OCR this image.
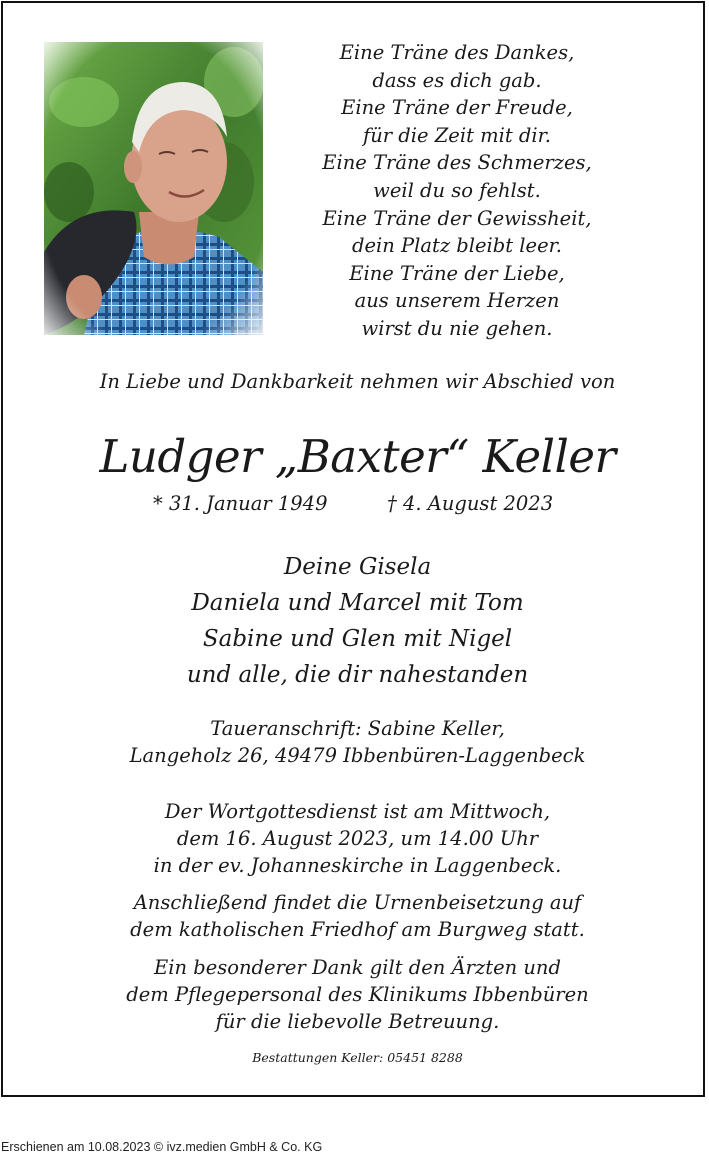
Eine Träne des Dankes,
dass es dich gab.
Eine Träne der Freude,
für die Zeit mit dir.
Eine Träne des Schmerzes,
weil du so fehlst.
Eine Träne der Gewissheit,
dein Platz bleibt leer.
Eine Träne der Liebe,
aus unserem Herzen
wirst du nie gehen.
In Liebe und Dankbarkeit nehmen wir Abschied von
Ludger „Baxter“ Keller
* 31. Januar 1949	† 4. August 2023
Deine Gisela
Daniela und Marcel mit Tom
Sabine und Glen mit Nigel
und alle, die dir nahestanden
Taueranschrift: Sabine Keller,
Langeholz 26, 49479 Ibbenbüren-Laggenbeck
Der Wortgottesdienst ist am Mittwoch,
dem 16. August 2023, um 14.00 Uhr
in der ev. Johanneskirche in Laggenbeck.
Anschließend findet die Urnenbeisetzung auf
dem katholischen Friedhof am Burgweg statt.
Ein besonderer Dank gilt den Ärzten und
dem Pflegepersonal des Klinikums Ibbenbüren
für die liebevolle Betreuung.
Bestattungen Keller: 05451 8288
Erschienen am 10.08.2023 © ivz.medien GmbH & Co. KG
